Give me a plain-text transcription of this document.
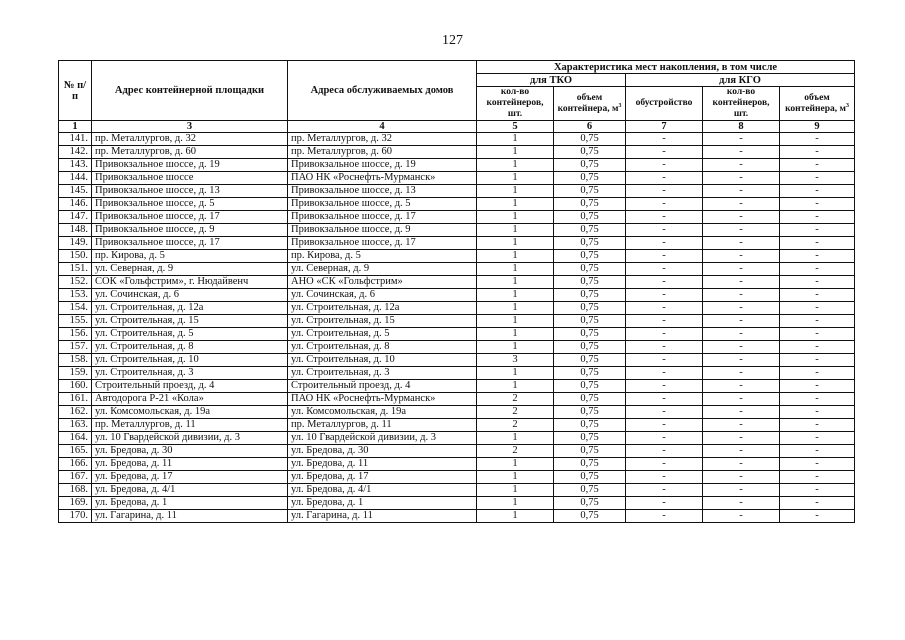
127
№ п/п	Адрес контейнерной площадки	Адреса обслуживаемых домов	Характеристика мест накопления, в том числе				
			для ТКО		для КГО		
			кол-во контейнеров, шт.	объем контейнера, $м^3$	обустройство	кол-во контейнеров, шт.	объем контейнера, $м^3$
1	3	4	5	6	7	8	9
141.	пр. Металлургов, д. 32	пр. Металлургов, д. 32	1	0,75	-	-	-
142.	пр. Металлургов, д. 60	пр. Металлургов, д. 60	1	0,75	-	-	-
143.	Привокзальное шоссе, д. 19	Привокзальное шоссе, д. 19	1	0,75	-	-	-
144.	Привокзальное шоссе	ПАО НК «Роснефть-Мурманск»	1	0,75	-	-	-
145.	Привокзальное шоссе, д. 13	Привокзальное шоссе, д. 13	1	0,75	-	-	-
146.	Привокзальное шоссе, д. 5	Привокзальное шоссе, д. 5	1	0,75	-	-	-
147.	Привокзальное шоссе, д. 17	Привокзальное шоссе, д. 17	1	0,75	-	-	-
148.	Привокзальное шоссе, д. 9	Привокзальное шоссе, д. 9	1	0,75	-	-	-
149.	Привокзальное шоссе, д. 17	Привокзальное шоссе, д. 17	1	0,75	-	-	-
150.	пр. Кирова, д. 5	пр. Кирова, д. 5	1	0,75	-	-	-
151.	ул. Северная, д. 9	ул. Северная, д. 9	1	0,75	-	-	-
152.	СОК «Гольфстрим», г. Нюдайвенч	АНО «СК «Гольфстрим»	1	0,75	-	-	-
153.	ул. Сочинская, д. 6	ул. Сочинская, д. 6	1	0,75	-	-	-
154.	ул. Строительная, д. 12а	ул. Строительная, д. 12а	1	0,75	-	-	-
155.	ул. Строительная, д. 15	ул. Строительная, д. 15	1	0,75	-	-	-
156.	ул. Строительная, д. 5	ул. Строительная, д. 5	1	0,75	-	-	-
157.	ул. Строительная, д. 8	ул. Строительная, д. 8	1	0,75	-	-	-
158.	ул. Строительная, д. 10	ул. Строительная, д. 10	3	0,75	-	-	-
159.	ул. Строительная, д. 3	ул. Строительная, д. 3	1	0,75	-	-	-
160.	Строительный проезд, д. 4	Строительный проезд, д. 4	1	0,75	-	-	-
161.	Автодорога Р-21 «Кола»	ПАО НК «Роснефть-Мурманск»	2	0,75	-	-	-
162.	ул. Комсомольская, д. 19а	ул. Комсомольская, д. 19а	2	0,75	-	-	-
163.	пр. Металлургов, д. 11	пр. Металлургов, д. 11	2	0,75	-	-	-
164.	ул. 10 Гвардейской дивизии, д. 3	ул. 10 Гвардейской дивизии, д. 3	1	0,75	-	-	-
165.	ул. Бредова, д. 30	ул. Бредова, д. 30	2	0,75	-	-	-
166.	ул. Бредова, д. 11	ул. Бредова, д. 11	1	0,75	-	-	-
167.	ул. Бредова, д. 17	ул. Бредова, д. 17	1	0,75	-	-	-
168.	ул. Бредова, д. 4/1	ул. Бредова, д. 4/1	1	0,75	-	-	-
169.	ул. Бредова, д. 1	ул. Бредова, д. 1	1	0,75	-	-	-
170.	ул. Гагарина, д. 11	ул. Гагарина, д. 11	1	0,75	-	-	-
